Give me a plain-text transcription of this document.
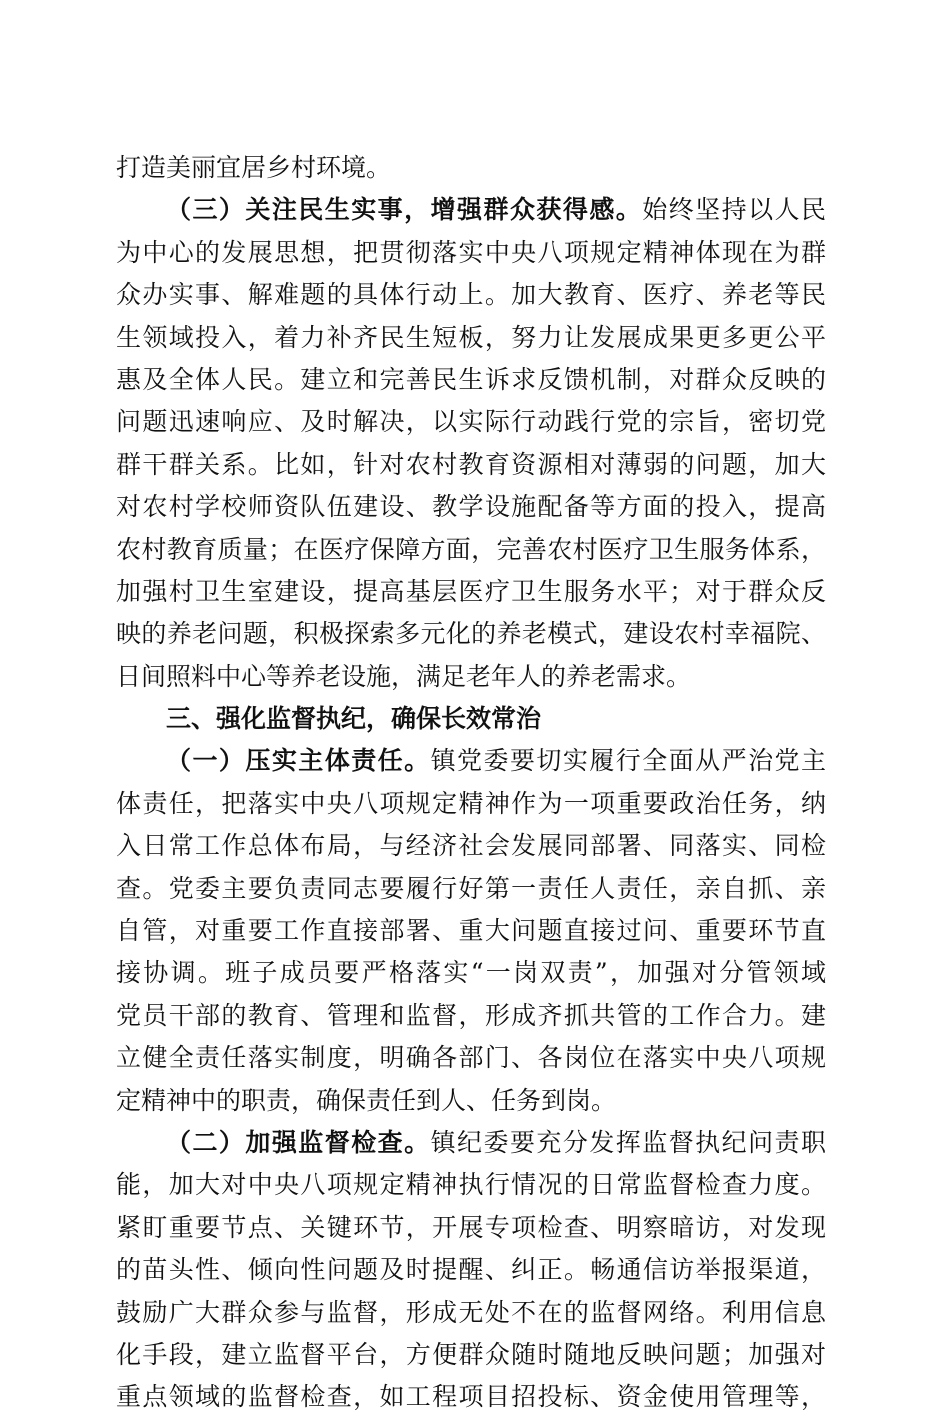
打造美丽宜居乡村环境。
（三）关注民生实事，增强群众获得感。始终坚持以人民
为中心的发展思想，把贯彻落实中央八项规定精神体现在为群
众办实事、解难题的具体行动上。加大教育、医疗、养老等民
生领域投入，着力补齐民生短板，努力让发展成果更多更公平
惠及全体人民。建立和完善民生诉求反馈机制，对群众反映的
问题迅速响应、及时解决，以实际行动践行党的宗旨，密切党
群干群关系。比如，针对农村教育资源相对薄弱的问题，加大
对农村学校师资队伍建设、教学设施配备等方面的投入，提高
农村教育质量；在医疗保障方面，完善农村医疗卫生服务体系，
加强村卫生室建设，提高基层医疗卫生服务水平；对于群众反
映的养老问题，积极探索多元化的养老模式，建设农村幸福院、
日间照料中心等养老设施，满足老年人的养老需求。
三、强化监督执纪，确保长效常治
（一）压实主体责任。镇党委要切实履行全面从严治党主
体责任，把落实中央八项规定精神作为一项重要政治任务，纳
入日常工作总体布局，与经济社会发展同部署、同落实、同检
查。党委主要负责同志要履行好第一责任人责任，亲自抓、亲
自管，对重要工作直接部署、重大问题直接过问、重要环节直
接协调。班子成员要严格落实“一岗双责”，加强对分管领域
党员干部的教育、管理和监督，形成齐抓共管的工作合力。建
立健全责任落实制度，明确各部门、各岗位在落实中央八项规
定精神中的职责，确保责任到人、任务到岗。
（二）加强监督检查。镇纪委要充分发挥监督执纪问责职
能，加大对中央八项规定精神执行情况的日常监督检查力度。
紧盯重要节点、关键环节，开展专项检查、明察暗访，对发现
的苗头性、倾向性问题及时提醒、纠正。畅通信访举报渠道，
鼓励广大群众参与监督，形成无处不在的监督网络。利用信息
化手段，建立监督平台，方便群众随时随地反映问题；加强对
重点领域的监督检查，如工程项目招投标、资金使用管理等，
